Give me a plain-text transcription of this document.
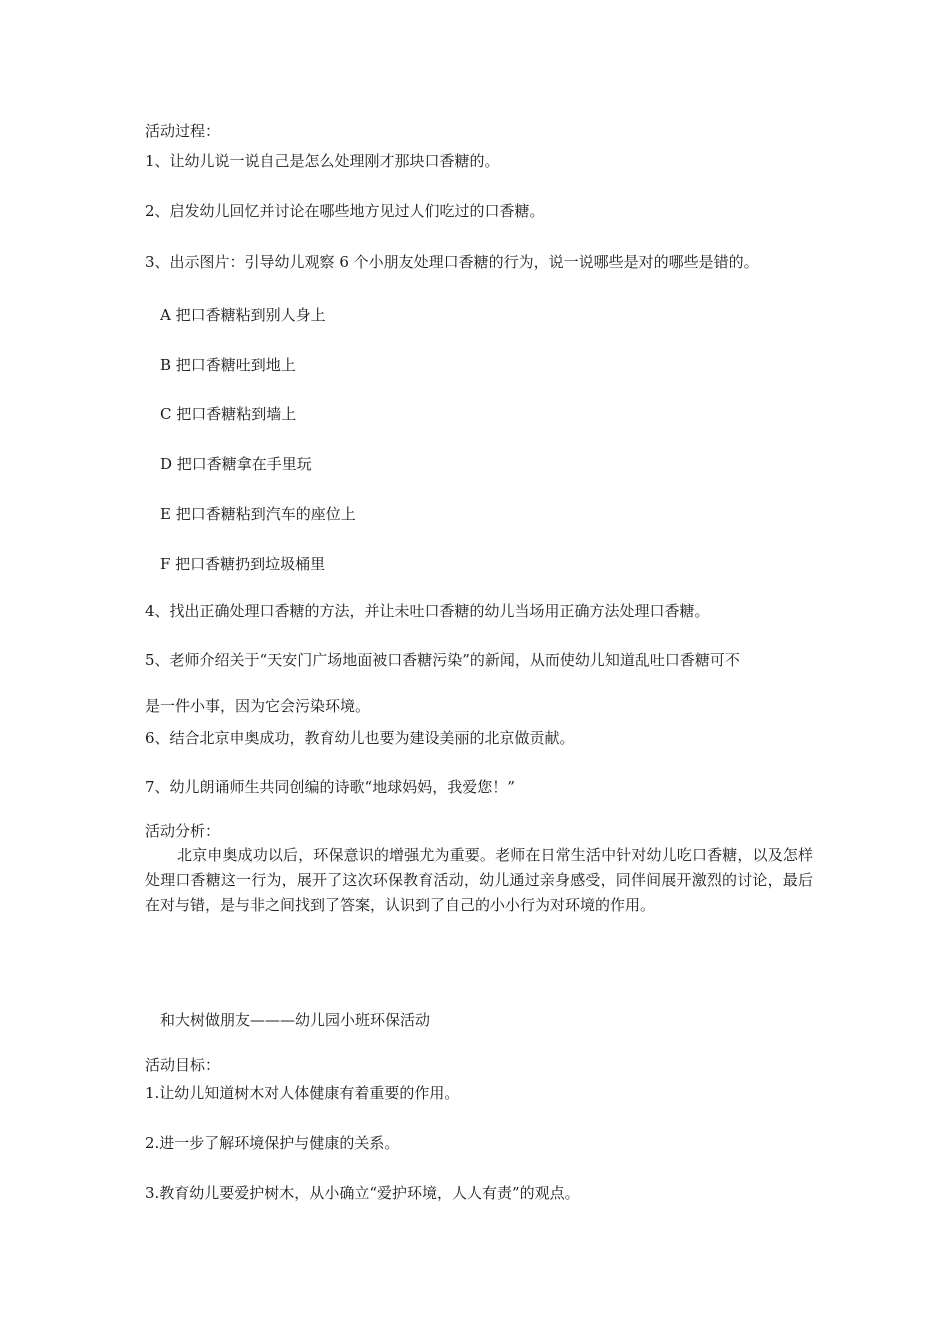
活动过程：

1、让幼儿说一说自己是怎么处理刚才那块口香糖的。

2、启发幼儿回忆并讨论在哪些地方见过人们吃过的口香糖。

3、出示图片：引导幼儿观察 6 个小朋友处理口香糖的行为，说一说哪些是对的哪些是错的。

A 把口香糖粘到别人身上

B 把口香糖吐到地上

C 把口香糖粘到墙上

D 把口香糖拿在手里玩

E 把口香糖粘到汽车的座位上

F 把口香糖扔到垃圾桶里

4、找出正确处理口香糖的方法，并让未吐口香糖的幼儿当场用正确方法处理口香糖。

5、老师介绍关于“天安门广场地面被口香糖污染”的新闻，从而使幼儿知道乱吐口香糖可不

是一件小事，因为它会污染环境。

6、结合北京申奥成功，教育幼儿也要为建设美丽的北京做贡献。

7、幼儿朗诵师生共同创编的诗歌“地球妈妈，我爱您！”

活动分析：

北京申奥成功以后，环保意识的增强尤为重要。老师在日常生活中针对幼儿吃口香糖，以及怎样处理口香糖这一行为，展开了这次环保教育活动，幼儿通过亲身感受，同伴间展开激烈的讨论，最后在对与错，是与非之间找到了答案，认识到了自己的小小行为对环境的作用。

和大树做朋友———幼儿园小班环保活动

活动目标：

1.让幼儿知道树木对人体健康有着重要的作用。

2.进一步了解环境保护与健康的关系。

3.教育幼儿要爱护树木，从小确立“爱护环境，人人有责”的观点。
